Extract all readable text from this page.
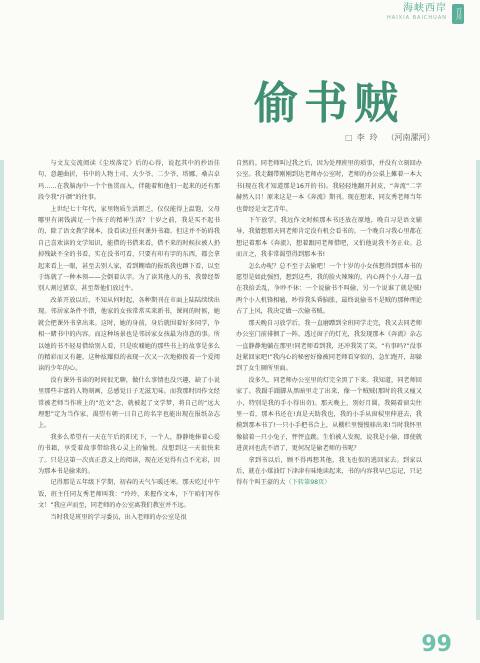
海峡西岸
HAIXIA BAICHUAN	百川
偷书贼
□ 李玲 （河南漯河）

与文友交流阅读《尘埃落定》后的心得，说起其中的抄语佳句、意趣曲折，书中的人物土司、大少爷、二少爷、塔娜、桑吉卓玛……在我脑海中一个个鱼贯而入，伴随着和他们一起来的还有那段令我“汗颜”的往事。

上世纪七十年代，家里物质生活匮乏，仅仅能得上温饱，父母哪里有闲钱满足一个孩子的精神生活？十岁之前，我是买不起书的，除了语文教学课本，没看读过任何课外书籍。但这并不妨碍我自己喜欢读的文学知识，能借的书借来看，借不来的时候拉被人扔掉残缺不全的书看，实在没书可看，只要有印有字的东西，都会拿起来看上一眼，甚至去别人家，看到糊墙的报纸我也蹲下看，以至于练就了一种本领——会倒着认字。为了读其他人的书，我曾经帮别人割过猪草，甚至帮他们放过牛。

改革开放以后，不知从何时起，各种期刊在市面上陆陆续续出现。邻居家条件不错，他家的女孩常常买来新书，课间的时候，她就会把课外书拿出来。这时，她的身前，身后就围着好多同学，争相一睹书中的内容。而这种场景也是邻居家女孩最为得意的事。所以她的书不轻易借给别人看，只是吹嘘她的那些书上的故事是多么的精彩而又有趣，这种炫耀似的表现一次又一次地撩拨着一个爱阅读的少年的心。

没有课外书读的时间很无聊，做什么事情也没兴趣，缺了小说里那些丰富的人物刻画，总感觉日子无滋无味。而我那时因作文经常被老师当作班上的“范文”念，就被起了文学梦，将自己的“远大理想”定为当作家，渴望有朝一日自己的名字也能出现在报纸杂志上。

我多么希望有一天在午后的阳光下，一个人，静静地捧着心爱的书籍，享受着故事带给我心灵上的愉悦。没想到这一天很快来了。只是这第一次真正意义上的阅读，现在还觉得有点不光彩，因为那本书是偷来的。

记得那是五年级下学期，初春的天气乍暖还寒。那天吃过中午饭，班主任同友秀老师叫我：“玲玲，来握作文本，下午咱们写作文！”我应声而至，同老师的办公室离我们教室并不远。

当时我是班里的学习委员，出入老师的办公室是很

自然的。同老师叫过我之后，因为处理班里的琐事，并没有立刻回办公室。我走翻带刚刚到达老师办公室时，老师的办公桌上摊着一本大书(现在我才知道那是16开的书)。我轻轻地翻开封皮，“奔流”二字赫然入目！原来这是一本《奔流》期刊。现在想来，同友秀老师当年也曾经是文艺青年。

下午放学，我远作文时候那本书还放在原地，晚自习是语文辅导，我猜想那天同老师肯定没有机会看书的。一个晚自习我心里都在想记着那本《奔流》，想着跟同老师借吧，又怕他说我不务正业。总而言之，我非常渴望得到那本书!

怎么办呢？总不至于去偷吧！一个十岁的小女孩想得到那本书的愿望是如此强烈，想到这些，我的脸火辣辣的，内心两个小人却一直在我拾丢乱，争吵不休：一个说偷书不叫偷，另一个说谁了就是贼!两个小人机锋相嗑，吵得我头昏脑胀，最终说偷书不是贼的那种理论占了上风，我决定做一次偷书贼。

那天晚自习放学后，我一直磨蹭到全班同学走完，我又去同老师办公室门前徘徊了一阵，透过窗子的灯光，我发现那本《奔流》杂志一直静静地躺在那里!同老师看到我，还冲我笑了笑，“有事吗?”没事赶紧回家吧!”我内心的秘密好像被同老师看穿似的，急忙跑开，却躲到了女生厕所里面。

没多久，同老师办公室里的灯完全黑了下来。我知道，同老师回家了。我蹑手蹑脚从黑暗里走了出来，像一个贼贼(那时的我又瘦又小，特别是我的手小得出奇)。那天晚上，别好月圆，我隔着窗尖往里一看，那本书还在!真是天助我也，我的小手从窗棂里伸进去，我摸到那本书了!一只小手把书合上，从棚栏里慢慢移出来!当时我怀里像揣着一只小兔子，怦怦直跳。生怕被人发现，说我是小偷，即使就进黄河也洗不清了，更何况是偷老师的书呢？

拿到书以后，顾不得再想其他，我飞也似的逃回家去。到家以后，就在小煤油灯下津津有味地读起来，书的内容我早已忘记，只记得有个叫王豪的大（下转第98页）

99
